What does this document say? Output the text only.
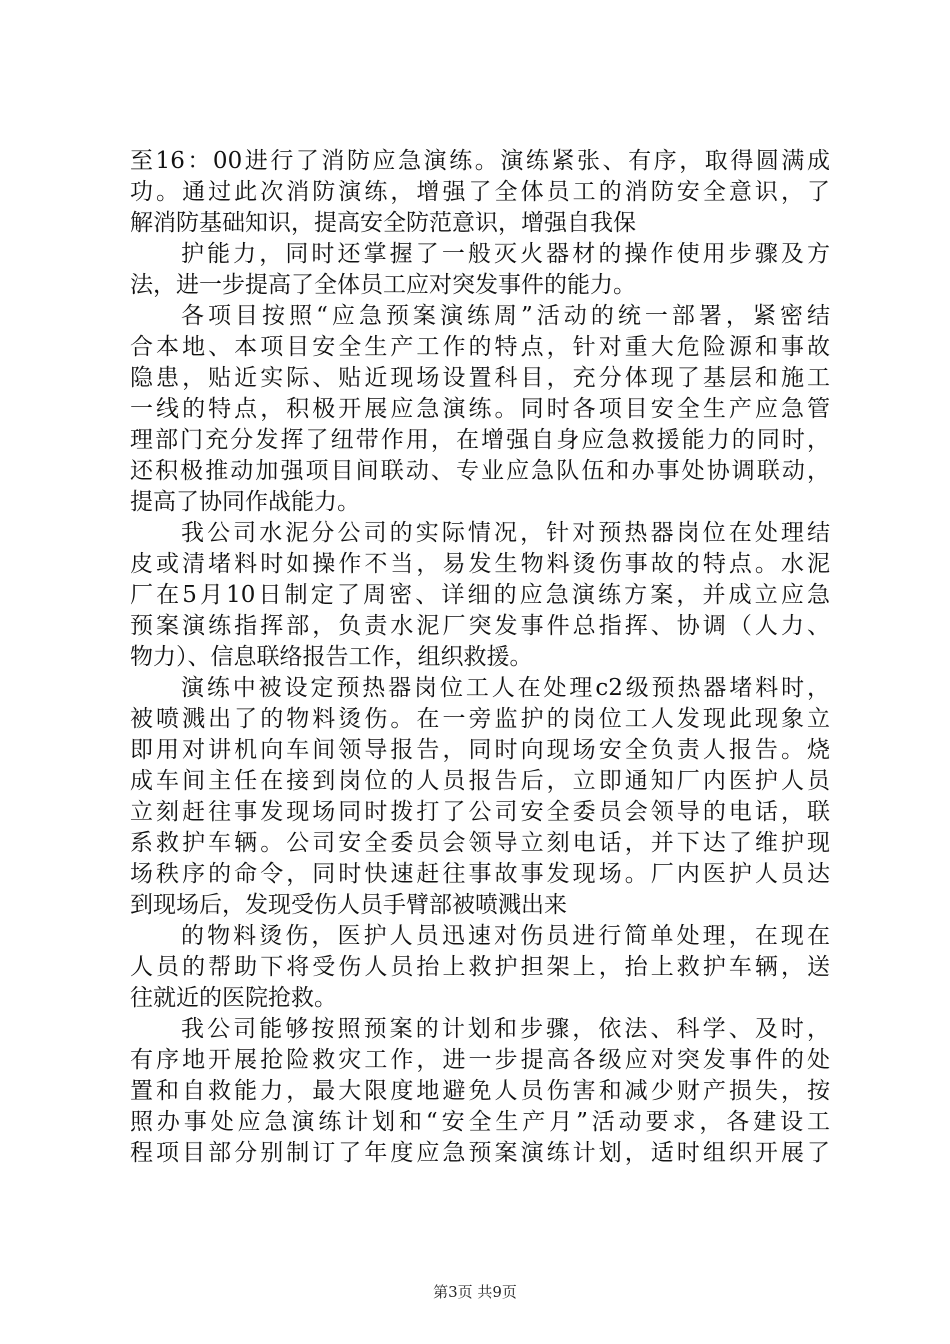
至16：00进行了消防应急演练。演练紧张、有序，取得圆满成
功。通过此次消防演练，增强了全体员工的消防安全意识，了
解消防基础知识，提高安全防范意识，增强自我保
护能力，同时还掌握了一般灭火器材的操作使用步骤及方
法，进一步提高了全体员工应对突发事件的能力。
各项目按照“应急预案演练周”活动的统一部署，紧密结
合本地、本项目安全生产工作的特点，针对重大危险源和事故
隐患，贴近实际、贴近现场设置科目，充分体现了基层和施工
一线的特点，积极开展应急演练。同时各项目安全生产应急管
理部门充分发挥了纽带作用，在增强自身应急救援能力的同时，
还积极推动加强项目间联动、专业应急队伍和办事处协调联动，
提高了协同作战能力。
我公司水泥分公司的实际情况，针对预热器岗位在处理结
皮或清堵料时如操作不当，易发生物料烫伤事故的特点。水泥
厂在5月10日制定了周密、详细的应急演练方案，并成立应急
预案演练指挥部，负责水泥厂突发事件总指挥、协调（人力、
物力）、信息联络报告工作，组织救援。
演练中被设定预热器岗位工人在处理c2级预热器堵料时，
被喷溅出了的物料烫伤。在一旁监护的岗位工人发现此现象立
即用对讲机向车间领导报告，同时向现场安全负责人报告。烧
成车间主任在接到岗位的人员报告后，立即通知厂内医护人员
立刻赶往事发现场同时拨打了公司安全委员会领导的电话，联
系救护车辆。公司安全委员会领导立刻电话，并下达了维护现
场秩序的命令，同时快速赶往事故事发现场。厂内医护人员达
到现场后，发现受伤人员手臂部被喷溅出来
的物料烫伤，医护人员迅速对伤员进行简单处理，在现在
人员的帮助下将受伤人员抬上救护担架上，抬上救护车辆，送
往就近的医院抢救。
我公司能够按照预案的计划和步骤，依法、科学、及时，
有序地开展抢险救灾工作，进一步提高各级应对突发事件的处
置和自救能力，最大限度地避免人员伤害和减少财产损失，按
照办事处应急演练计划和“安全生产月”活动要求，各建设工
程项目部分别制订了年度应急预案演练计划，适时组织开展了
第3页 共9页
